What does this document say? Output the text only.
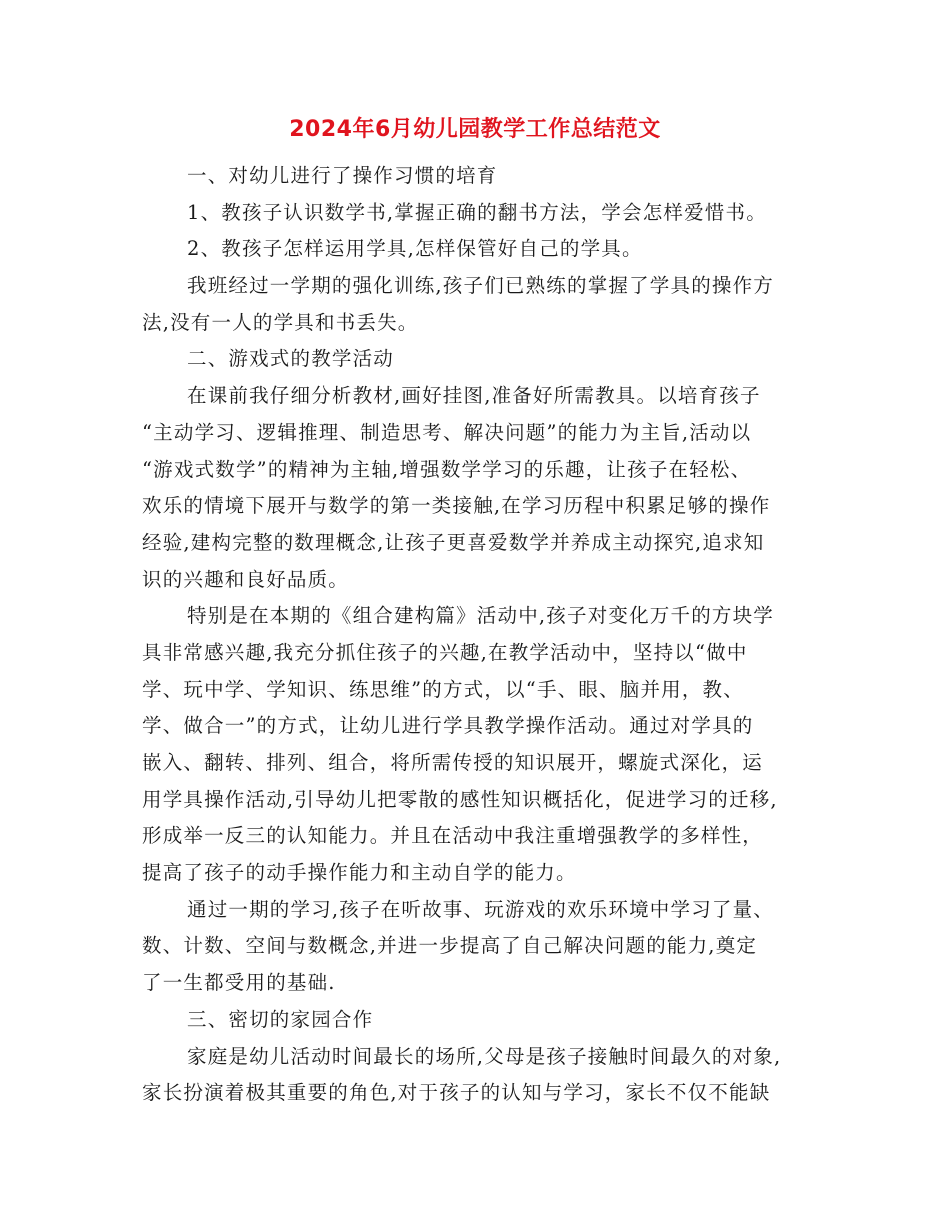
2024年6月幼儿园教学工作总结范文
一、对幼儿进行了操作习惯的培育
1、教孩子认识数学书,掌握正确的翻书方法，学会怎样爱惜书。
2、教孩子怎样运用学具,怎样保管好自己的学具。
我班经过一学期的强化训练,孩子们已熟练的掌握了学具的操作方
法,没有一人的学具和书丢失。
二、游戏式的教学活动
在课前我仔细分析教材,画好挂图,准备好所需教具。以培育孩子
“主动学习、逻辑推理、制造思考、解决问题”的能力为主旨,活动以
“游戏式数学”的精神为主轴,增强数学学习的乐趣，让孩子在轻松、
欢乐的情境下展开与数学的第一类接触,在学习历程中积累足够的操作
经验,建构完整的数理概念,让孩子更喜爱数学并养成主动探究,追求知
识的兴趣和良好品质。
特别是在本期的《组合建构篇》活动中,孩子对变化万千的方块学
具非常感兴趣,我充分抓住孩子的兴趣,在教学活动中，坚持以“做中
学、玩中学、学知识、练思维”的方式，以“手、眼、脑并用，教、
学、做合一”的方式，让幼儿进行学具教学操作活动。通过对学具的
嵌入、翻转、排列、组合，将所需传授的知识展开，螺旋式深化，运
用学具操作活动,引导幼儿把零散的感性知识概括化，促进学习的迁移,
形成举一反三的认知能力。并且在活动中我注重增强教学的多样性，
提高了孩子的动手操作能力和主动自学的能力。
通过一期的学习,孩子在听故事、玩游戏的欢乐环境中学习了量、
数、计数、空间与数概念,并进一步提高了自己解决问题的能力,奠定
了一生都受用的基础.
三、密切的家园合作
家庭是幼儿活动时间最长的场所,父母是孩子接触时间最久的对象,
家长扮演着极其重要的角色,对于孩子的认知与学习，家长不仅不能缺
